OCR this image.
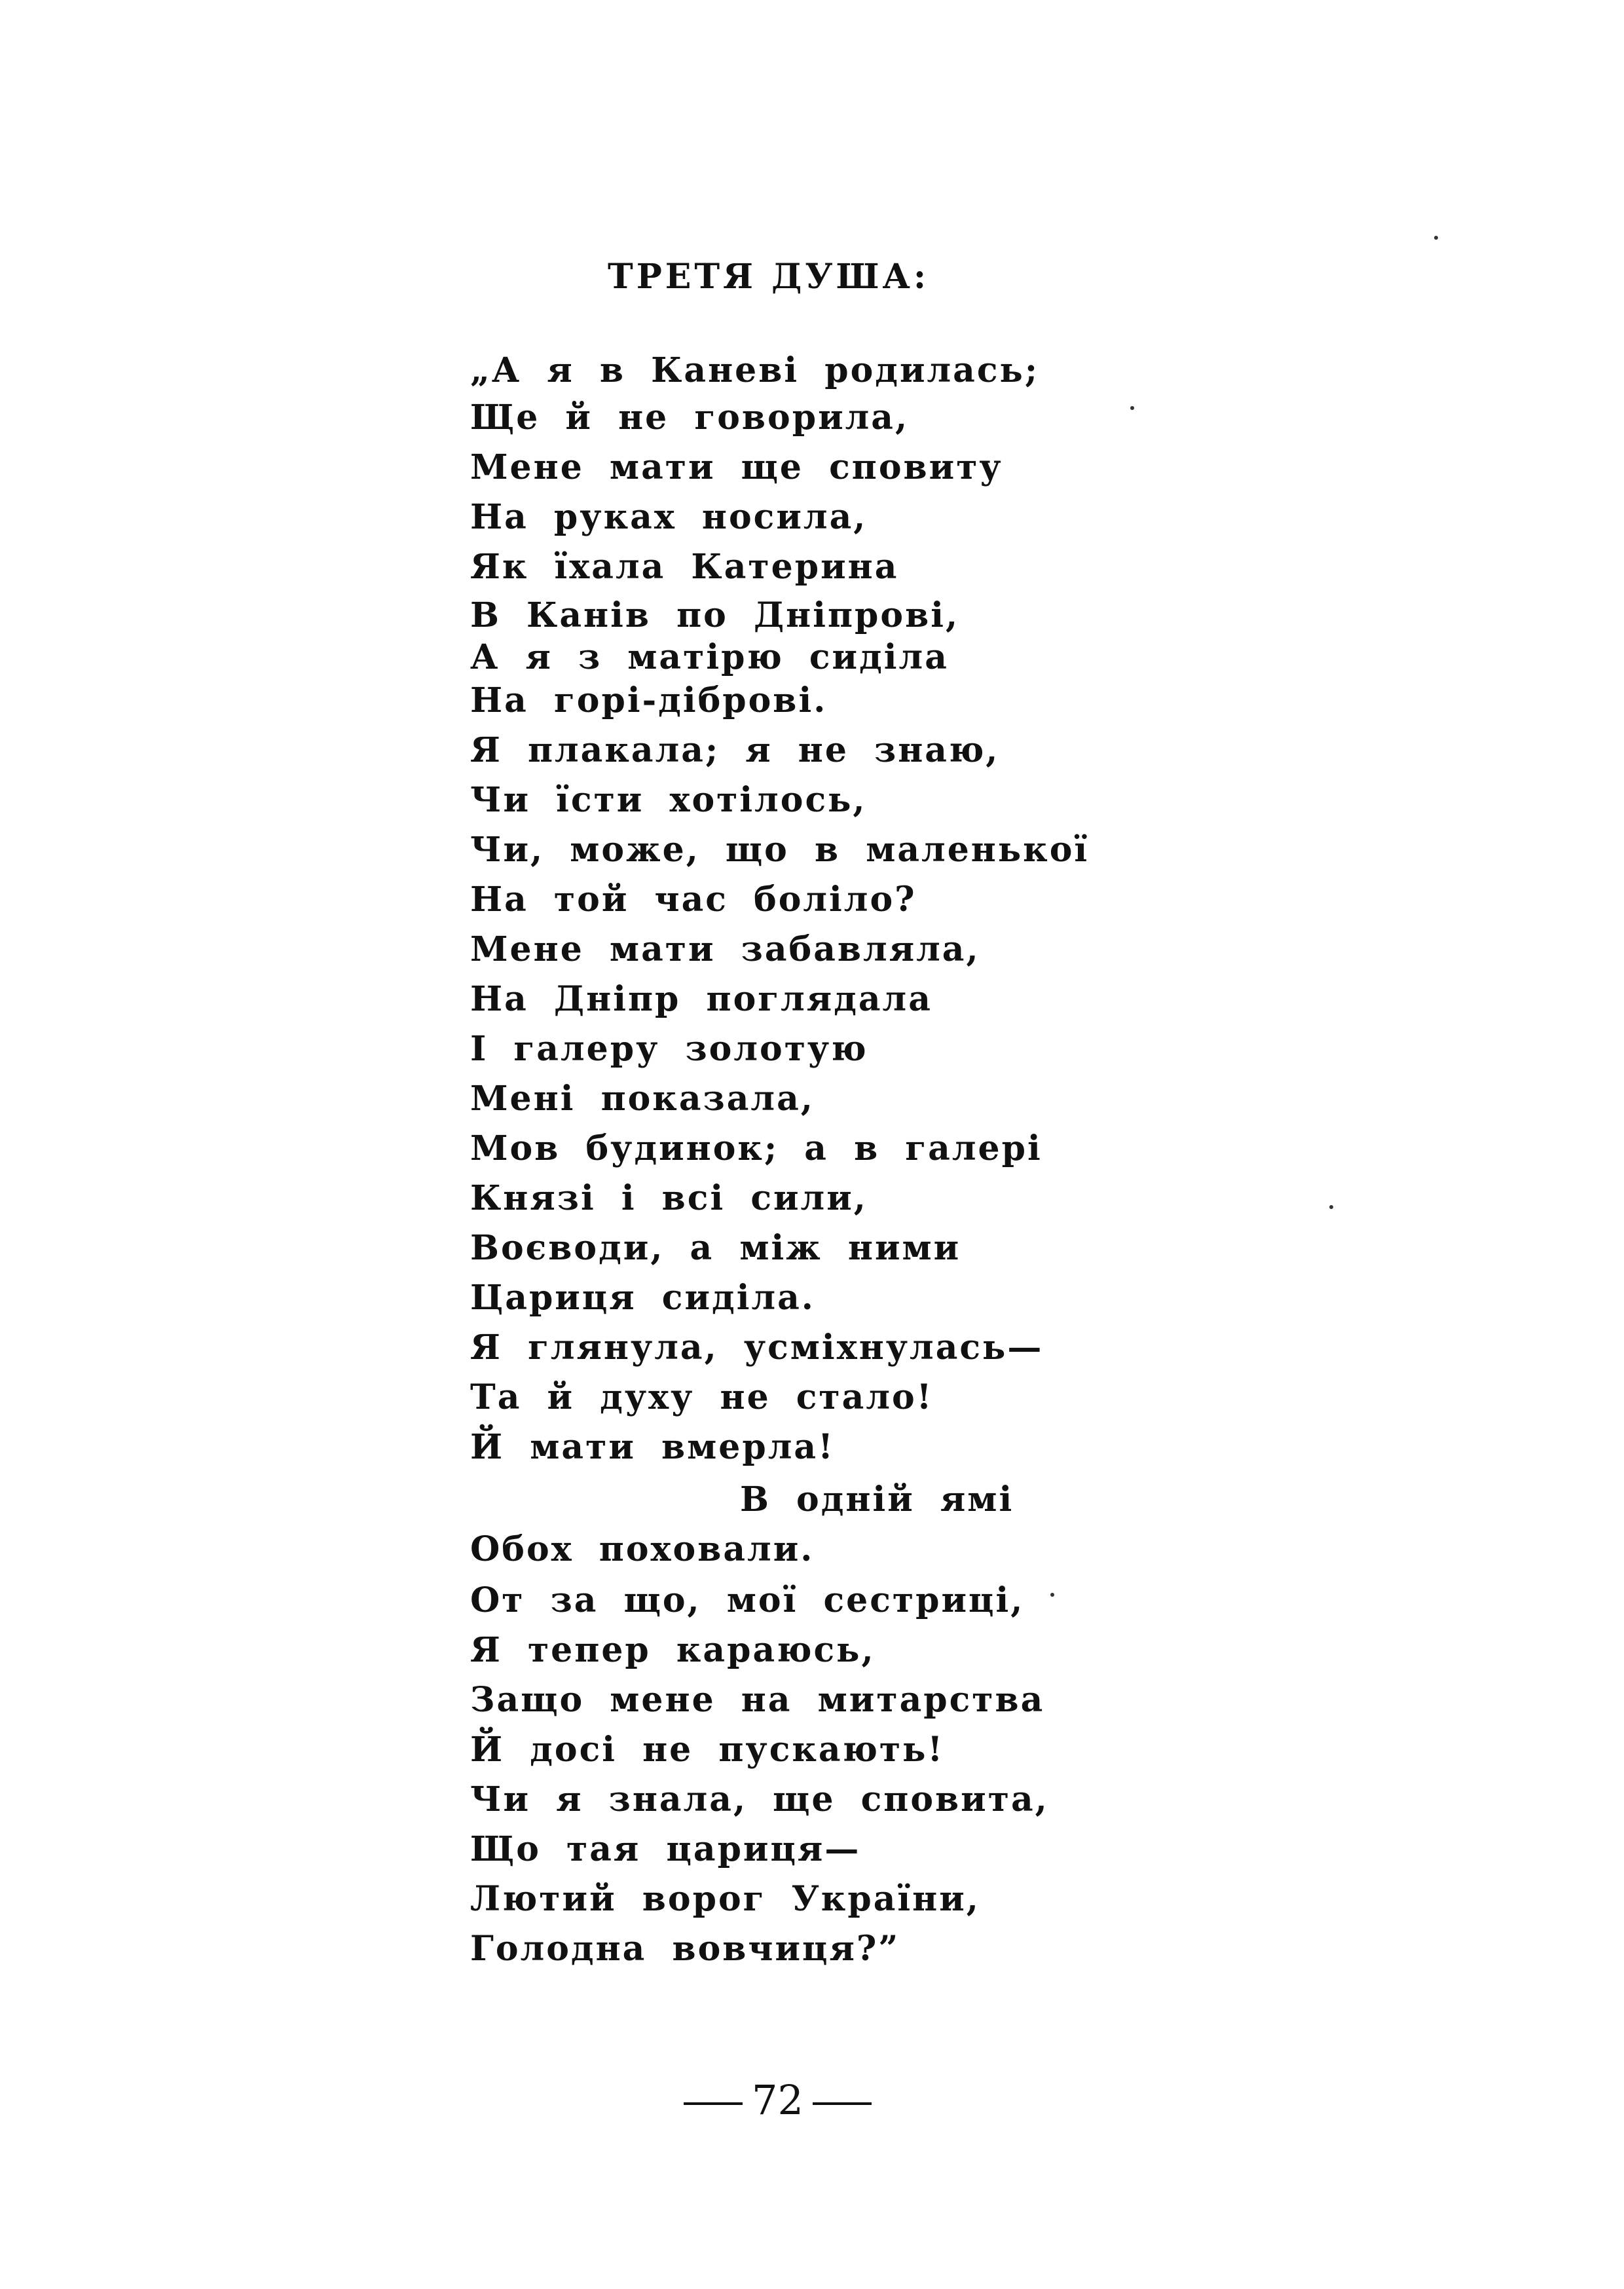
ТРЕТЯ ДУША:
„А я в Каневі родилась;
Ще й не говорила,
Мене мати ще сповиту
На руках носила,
Як їхала Катерина
В Канів по Дніпрові,
А я з матірю сиділа
На горі-діброві.
Я плакала; я не знаю,
Чи їсти хотілось,
Чи, може, що в маленької
На той час боліло?
Мене мати забавляла,
На Дніпр поглядала
І галеру золотую
Мені показала,
Мов будинок; а в галері
Князі і всі сили,
Воєводи, а між ними
Цариця сиділа.
Я глянула, усміхнулась—
Та й духу не стало!
Й мати вмерла!
В одній ямі
Обох поховали.
От за що, мої сестриці,
Я тепер караюсь,
Защо мене на митарства
Й досі не пускають!
Чи я знала, ще сповита,
Що тая цариця—
Лютий ворог України,
Голодна вовчиця?”
72
